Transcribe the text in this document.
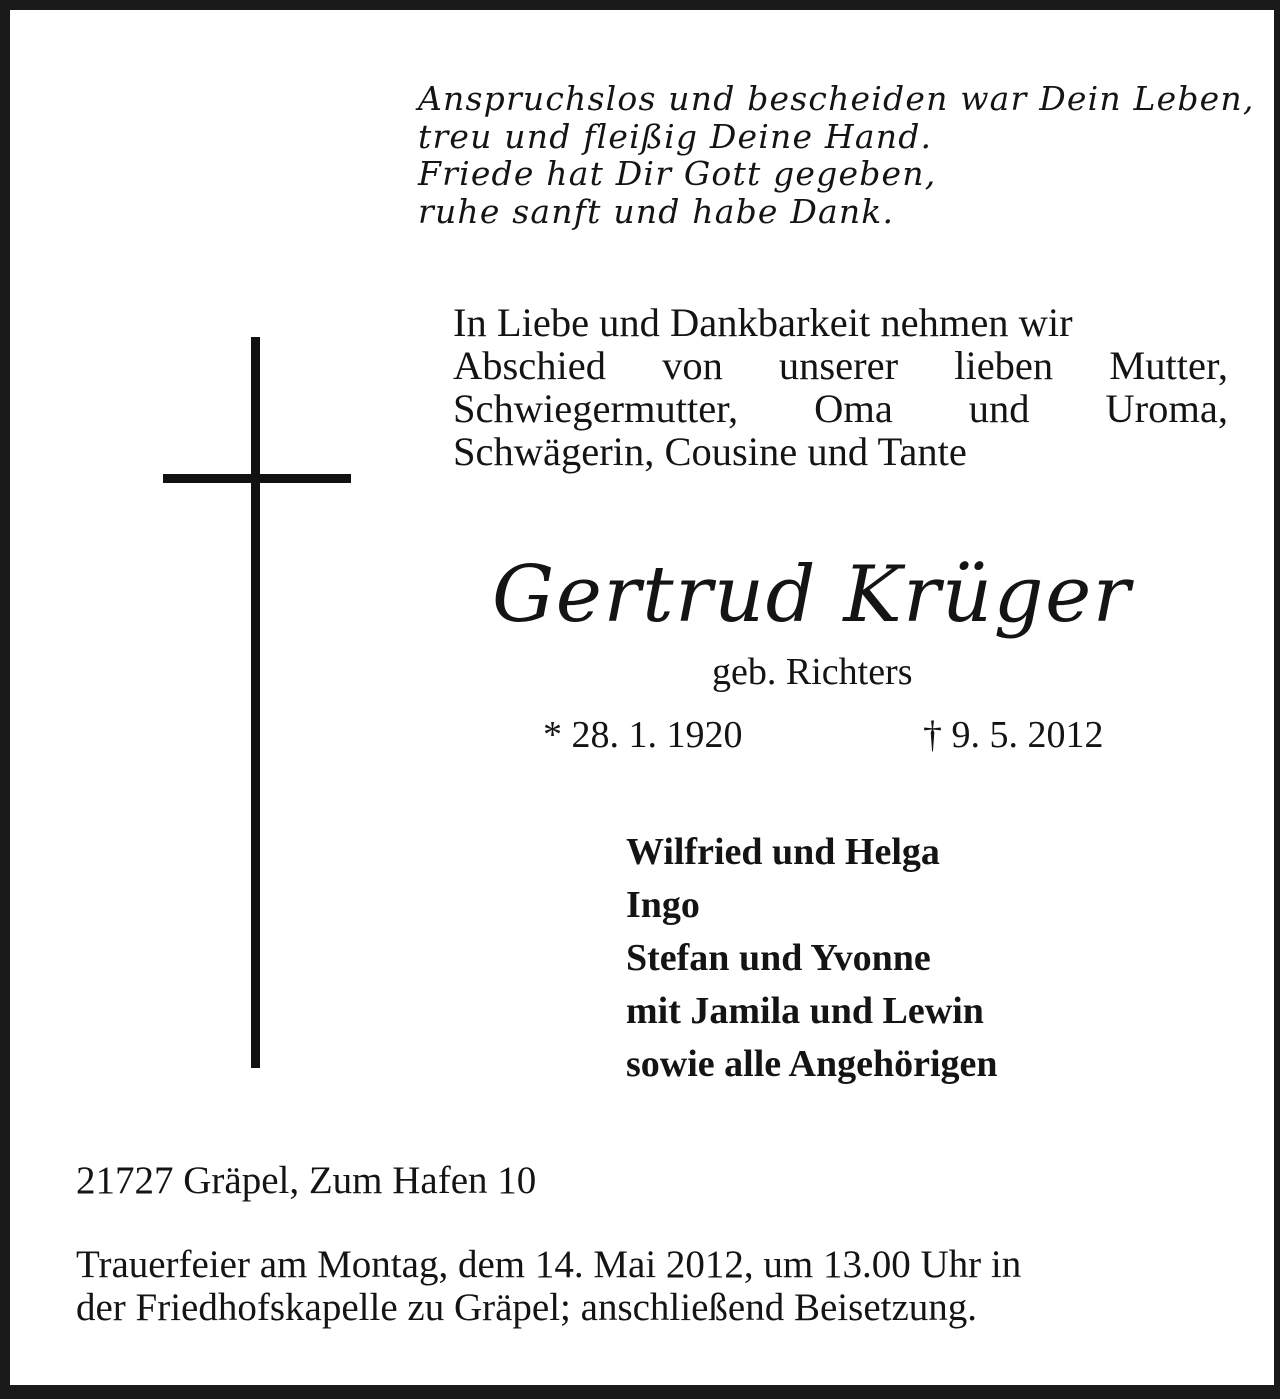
Anspruchslos und bescheiden war Dein Leben,
treu und fleißig Deine Hand.
Friede hat Dir Gott gegeben,
ruhe sanft und habe Dank.
In Liebe und Dankbarkeit nehmen wir
Abschied von unserer lieben Mutter,
Schwiegermutter, Oma und Uroma,
Schwägerin, Cousine und Tante
Gertrud Krüger
geb. Richters
* 28. 1. 1920	† 9. 5. 2012
Wilfried und Helga
Ingo
Stefan und Yvonne
mit Jamila und Lewin
sowie alle Angehörigen
21727 Gräpel, Zum Hafen 10
Trauerfeier am Montag, dem 14. Mai 2012, um 13.00 Uhr in
der Friedhofskapelle zu Gräpel; anschließend Beisetzung.
